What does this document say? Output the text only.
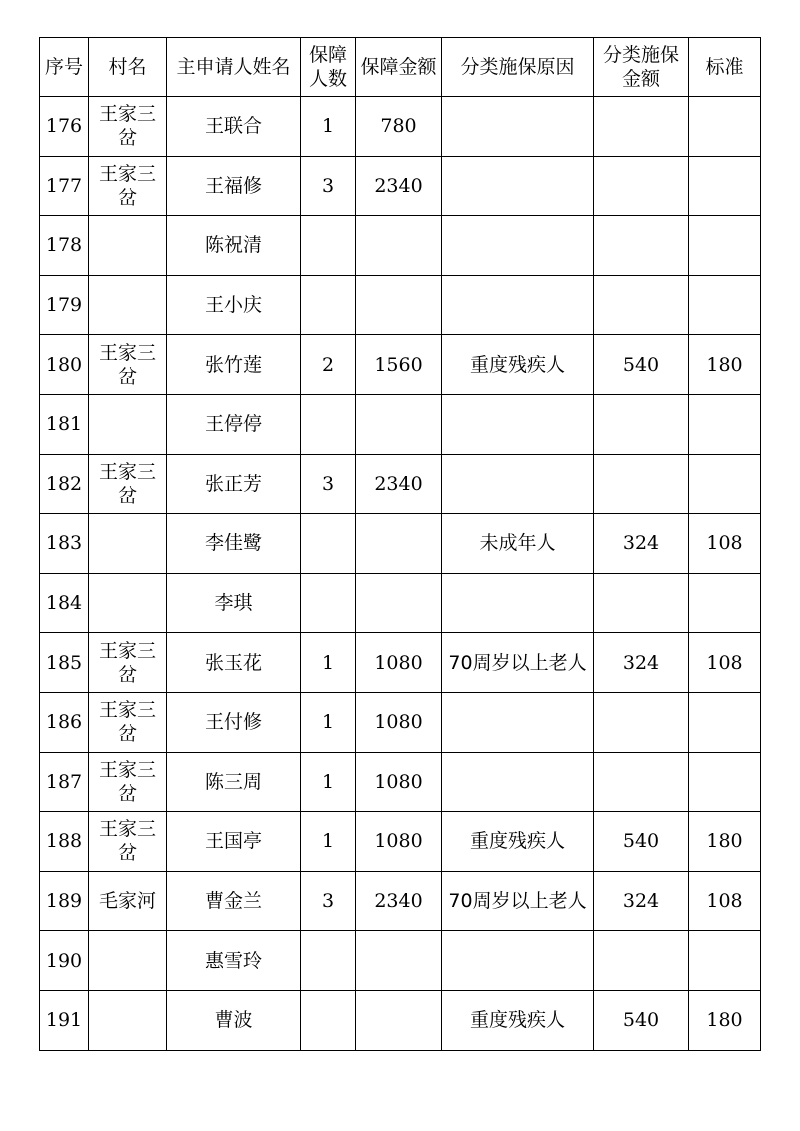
序号	村名	主申请人姓名	保障人数	保障金额	分类施保原因	分类施保金额	标准
176	王家三岔	王联合	1	780			
177	王家三岔	王福修	3	2340			
178		陈祝清					
179		王小庆					
180	王家三岔	张竹莲	2	1560	重度残疾人	540	180
181		王停停					
182	王家三岔	张正芳	3	2340			
183		李佳鹭			未成年人	324	108
184		李琪					
185	王家三岔	张玉花	1	1080	70周岁以上老人	324	108
186	王家三岔	王付修	1	1080			
187	王家三岔	陈三周	1	1080			
188	王家三岔	王国亭	1	1080	重度残疾人	540	180
189	毛家河	曹金兰	3	2340	70周岁以上老人	324	108
190		惠雪玲					
191		曹波			重度残疾人	540	180
